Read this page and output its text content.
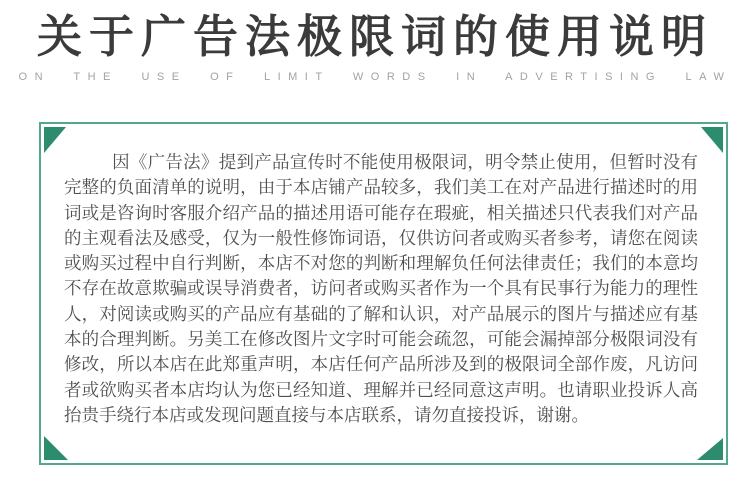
关于广告法极限词的使用说明
ON THE USE OF LIMIT WORDS IN ADVERTISING LAW

因《广告法》提到产品宣传时不能使用极限词，明令禁止使用，但暂时没有完整的负面清单的说明，由于本店铺产品较多，我们美工在对产品进行描述时的用词或是咨询时客服介绍产品的描述用语可能存在瑕疵，相关描述只代表我们对产品的主观看法及感受，仅为一般性修饰词语，仅供访问者或购买者参考，请您在阅读或购买过程中自行判断，本店不对您的判断和理解负任何法律责任；我们的本意均不存在故意欺骗或误导消费者，访问者或购买者作为一个具有民事行为能力的理性人，对阅读或购买的产品应有基础的了解和认识，对产品展示的图片与描述应有基本的合理判断。另美工在修改图片文字时可能会疏忽，可能会漏掉部分极限词没有修改，所以本店在此郑重声明，本店任何产品所涉及到的极限词全部作废，凡访问者或欲购买者本店均认为您已经知道、理解并已经同意这声明。也请职业投诉人高抬贵手绕行本店或发现问题直接与本店联系，请勿直接投诉，谢谢。
